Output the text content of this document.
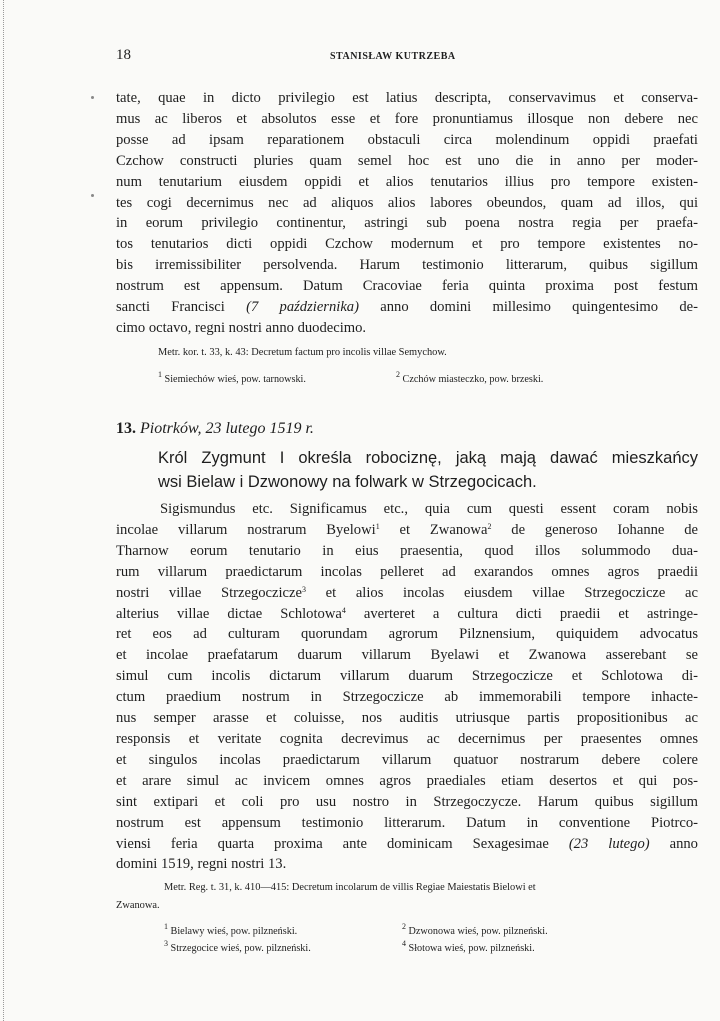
18	STANISŁAW KUTRZEBA
tate, quae in dicto privilegio est latius descripta, conservavimus et conserva-
mus ac liberos et absolutos esse et fore pronuntiamus illosque non debere nec
posse ad ipsam reparationem obstaculi circa molendinum oppidi praefati
Czchow constructi pluries quam semel hoc est uno die in anno per moder-
num tenutarium eiusdem oppidi et alios tenutarios illius pro tempore existen-
tes cogi decernimus nec ad aliquos alios labores obeundos, quam ad illos, qui
in eorum privilegio continentur, astringi sub poena nostra regia per praefa-
tos tenutarios dicti oppidi Czchow modernum et pro tempore existentes no-
bis irremissibiliter persolvenda. Harum testimonio litterarum, quibus sigillum
nostrum est appensum. Datum Cracoviae feria quinta proxima post festum
sancti Francisci (7 października) anno domini millesimo quingentesimo de-
cimo octavo, regni nostri anno duodecimo.
Metr. kor. t. 33, k. 43: Decretum factum pro incolis villae Semychow.
$^1$ Siemiechów wieś, pow. tarnowski.	$^2$ Czchów miasteczko, pow. brzeski.
13. Piotrków, 23 lutego 1519 r.
Król Zygmunt I określa robociznę, jaką mają dawać mieszkańcy
wsi Bielaw i Dzwonowy na folwark w Strzegocicach.
Sigismundus etc. Significamus etc., quia cum questi essent coram nobis
incolae villarum nostrarum Byelowi$^1$ et Zwanowa$^2$ de generoso Iohanne de
Tharnow eorum tenutario in eius praesentia, quod illos solummodo dua-
rum villarum praedictarum incolas pelleret ad exarandos omnes agros praedii
nostri villae Strzegoczicze$^3$ et alios incolas eiusdem villae Strzegoczicze ac
alterius villae dictae Schlotowa$^4$ averteret a cultura dicti praedii et astringe-
ret eos ad culturam quorundam agrorum Pilznensium, quiquidem advocatus
et incolae praefatarum duarum villarum Byelawi et Zwanowa asserebant se
simul cum incolis dictarum villarum duarum Strzegoczicze et Schlotowa di-
ctum praedium nostrum in Strzegoczicze ab immemorabili tempore inhacte-
nus semper arasse et coluisse, nos auditis utriusque partis propositionibus ac
responsis et veritate cognita decrevimus ac decernimus per praesentes omnes
et singulos incolas praedictarum villarum quatuor nostrarum debere colere
et arare simul ac invicem omnes agros praediales etiam desertos et qui pos-
sint extipari et coli pro usu nostro in Strzegoczycze. Harum quibus sigillum
nostrum est appensum testimonio litterarum. Datum in conventione Piotrco-
viensi feria quarta proxima ante dominicam Sexagesimae (23 lutego) anno
domini 1519, regni nostri 13.
Metr. Reg. t. 31, k. 410—415: Decretum incolarum de villis Regiae Maiestatis Bielowi et
Zwanowa.
$^1$ Bielawy wieś, pow. pilzneński.	$^2$ Dzwonowa wieś, pow. pilzneński.
$^3$ Strzegocice wieś, pow. pilzneński.	$^4$ Słotowa wieś, pow. pilzneński.
